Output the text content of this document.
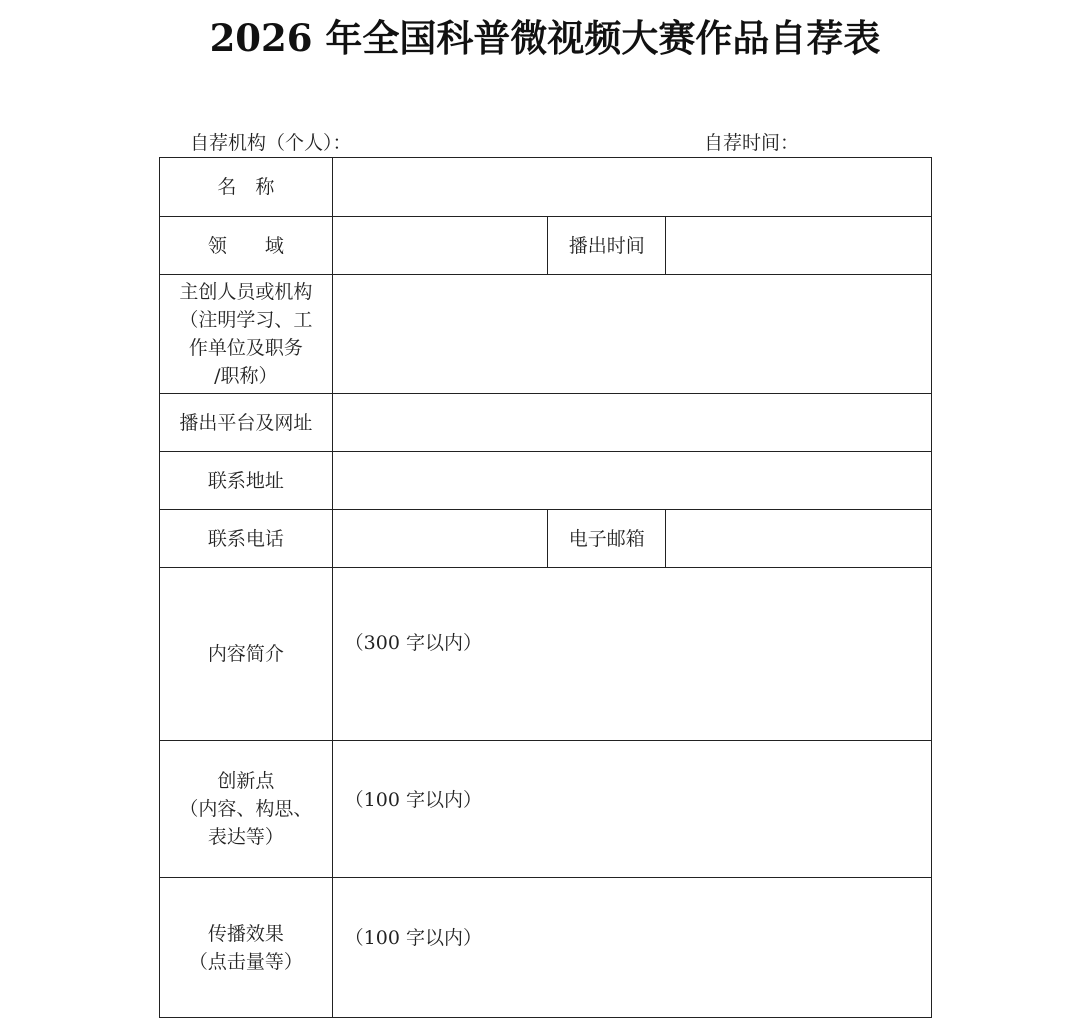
2026 年全国科普微视频大赛作品自荐表
自荐机构（个人）：	自荐时间：
名　称			
领　　域		播出时间	

主创人员或机构
（注明学习、工
作单位及职务
/职称）			

播出平台及网址			
联系地址			
联系电话		电子邮箱	
内容简介	（300 字以内）		

创新点
（内容、构思、
表达等）	（100 字以内）		

传播效果
（点击量等）	（100 字以内）		
